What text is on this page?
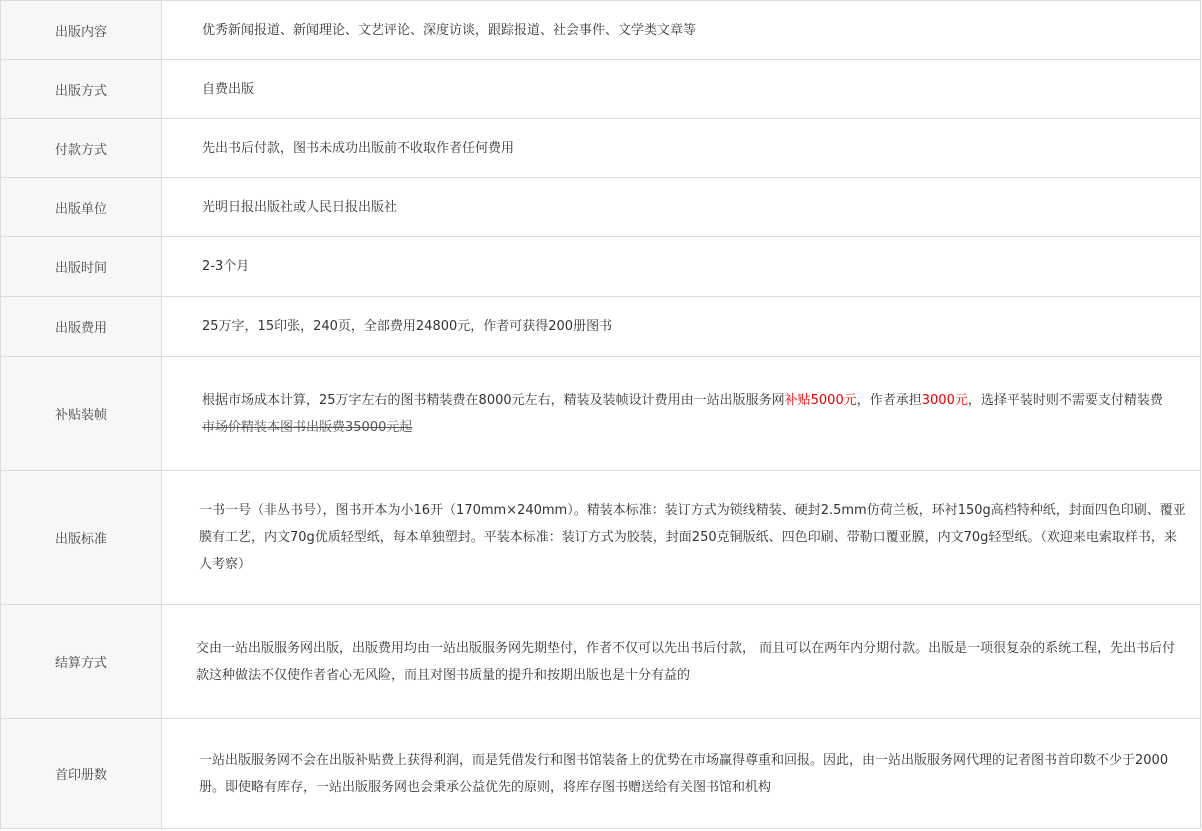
出版内容	优秀新闻报道、新闻理论、文艺评论、深度访谈，跟踪报道、社会事件、文学类文章等
出版方式	自费出版
付款方式	先出书后付款，图书未成功出版前不收取作者任何费用
出版单位	光明日报出版社或人民日报出版社
出版时间	2-3个月
出版费用	25万字，15印张，240页，全部费用24800元，作者可获得200册图书
补贴装帧	根据市场成本计算，25万字左右的图书精装费在8000元左右，精装及装帧设计费用由一站出版服务网补贴5000元，作者承担3000元，选择平装时则不需要支付精装费
市场价精装本图书出版费35000元起
出版标准	一书一号（非丛书号），图书开本为小16开（170mm×240mm）。精装本标准：装订方式为锁线精装、硬封2.5mm仿荷兰板，环衬150g高档特种纸，封面四色印刷、覆亚膜有工艺，内文70g优质轻型纸，每本单独塑封。平装本标准：装订方式为胶装，封面250克铜版纸、四色印刷、带勒口覆亚膜，内文70g轻型纸。（欢迎来电索取样书，来人考察）
结算方式	交由一站出版服务网出版，出版费用均由一站出版服务网先期垫付，作者不仅可以先出书后付款， 而且可以在两年内分期付款。出版是一项很复杂的系统工程，先出书后付款这种做法不仅使作者省心无风险，而且对图书质量的提升和按期出版也是十分有益的
首印册数	一站出版服务网不会在出版补贴费上获得利润，而是凭借发行和图书馆装备上的优势在市场赢得尊重和回报。因此，由一站出版服务网代理的记者图书首印数不少于2000册。即使略有库存，一站出版服务网也会秉承公益优先的原则，将库存图书赠送给有关图书馆和机构
